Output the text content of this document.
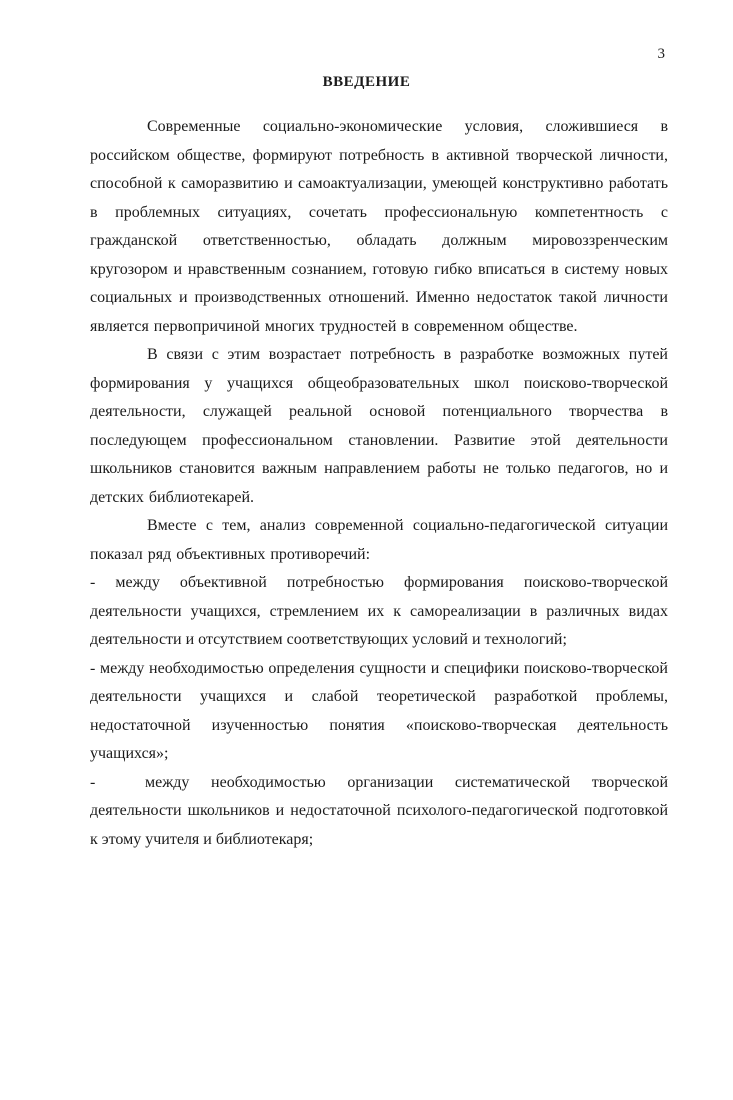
3
ВВЕДЕНИЕ

Современные социально-экономические условия, сложившиеся в российском обществе, формируют потребность в активной творческой личности, способной к саморазвитию и самоактуализации, умеющей конструктивно работать в проблемных ситуациях, сочетать профессиональную компетентность с гражданской ответственностью, обладать должным мировоззренческим кругозором и нравственным сознанием, готовую гибко вписаться в систему новых социальных и производственных отношений. Именно недостаток такой личности является первопричиной многих трудностей в современном обществе.

В связи с этим возрастает потребность в разработке возможных путей формирования у учащихся общеобразовательных школ поисково-творческой деятельности, служащей реальной основой потенциального творчества в последующем профессиональном становлении. Развитие этой деятельности школьников становится важным направлением работы не только педагогов, но и детских библиотекарей.

Вместе с тем, анализ современной социально-педагогической ситуации показал ряд объективных противоречий:

- между объективной потребностью формирования поисково-творческой деятельности учащихся, стремлением их к самореализации в различных видах деятельности и отсутствием соответствующих условий и технологий;

- между необходимостью определения сущности и специфики поисково-творческой деятельности учащихся и слабой теоретической разработкой проблемы, недостаточной изученностью понятия «поисково-творческая деятельность учащихся»;

-	между необходимостью организации систематической творческой деятельности школьников и недостаточной психолого-педагогической подготовкой к этому учителя и библиотекаря;
